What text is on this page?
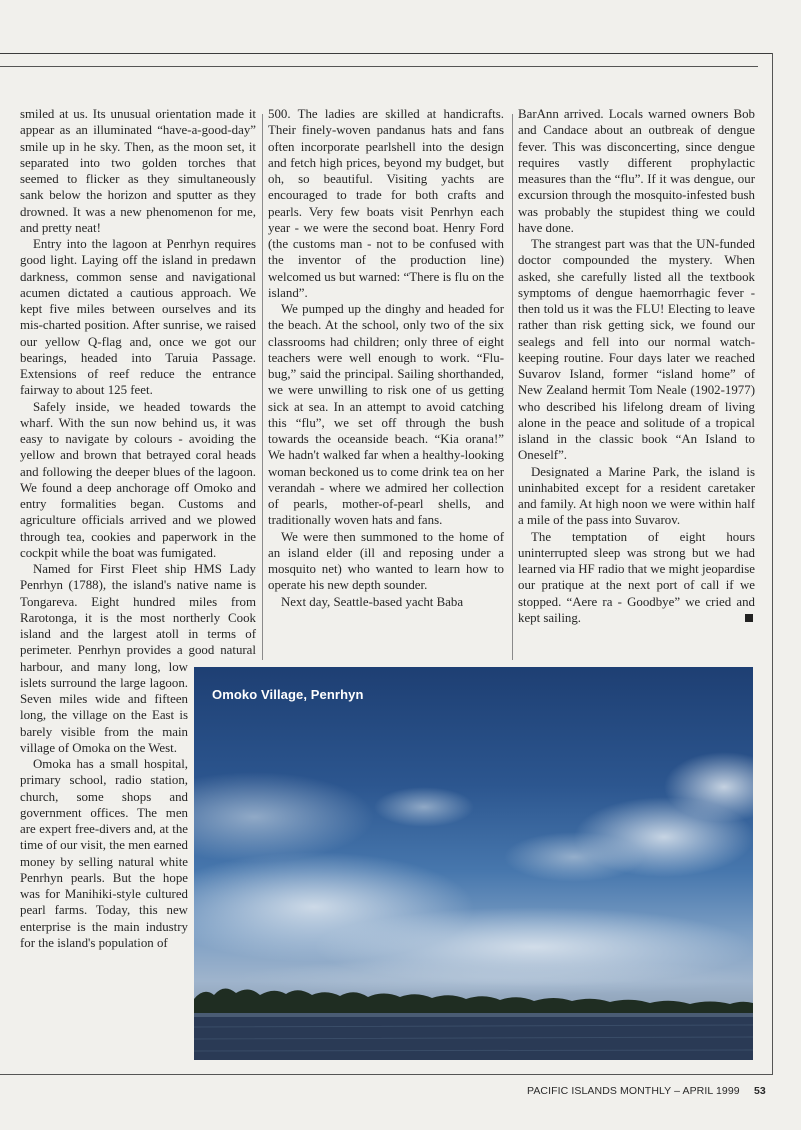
smiled at us. Its unusual orientation made it appear as an illuminated “have-a-good-day” smile up in he sky. Then, as the moon set, it separated into two golden torches that seemed to flicker as they simultaneously sank below the horizon and sputter as they drowned. It was a new phenomenon for me, and pretty neat!

Entry into the lagoon at Penrhyn requires good light. Laying off the island in predawn darkness, common sense and navigational acumen dictated a cautious approach. We kept five miles between ourselves and its mis-charted position. After sunrise, we raised our yellow Q-flag and, once we got our bearings, headed into Taruia Passage. Extensions of reef reduce the entrance fairway to about 125 feet.

Safely inside, we headed towards the wharf. With the sun now behind us, it was easy to navigate by colours - avoiding the yellow and brown that betrayed coral heads and following the deeper blues of the lagoon. We found a deep anchorage off Omoko and entry formalities began. Customs and agriculture officials arrived and we plowed through tea, cookies and paperwork in the cockpit while the boat was fumigated.

Named for First Fleet ship HMS Lady Penrhyn (1788), the island's native name is Tongareva. Eight hundred miles from Rarotonga, it is the most northerly Cook island and the largest atoll in terms of perimeter. Penrhyn provides a good natural harbour, and many long, low islets surround the large lagoon. Seven miles wide and fifteen long, the village on the East is barely visible from the main village of Omoka on the West.

Omoka has a small hospital, primary school, radio station, church, some shops and government offices. The men are expert free-divers and, at the time of our visit, the men earned money by selling natural white Penrhyn pearls. But the hope was for Manihiki-style cultured pearl farms. Today, this new enterprise is the main industry for the island's population of

500. The ladies are skilled at handicrafts. Their finely-woven pandanus hats and fans often incorporate pearlshell into the design and fetch high prices, beyond my budget, but oh, so beautiful. Visiting yachts are encouraged to trade for both crafts and pearls. Very few boats visit Penrhyn each year - we were the second boat. Henry Ford (the customs man - not to be confused with the inventor of the production line) welcomed us but warned: “There is flu on the island”.

We pumped up the dinghy and headed for the beach. At the school, only two of the six classrooms had children; only three of eight teachers were well enough to work. “Flu-bug,” said the principal. Sailing shorthanded, we were unwilling to risk one of us getting sick at sea. In an attempt to avoid catching this “flu”, we set off through the bush towards the oceanside beach. “Kia orana!” We hadn't walked far when a healthy-looking woman beckoned us to come drink tea on her verandah - where we admired her collection of pearls, mother-of-pearl shells, and traditionally woven hats and fans.

We were then summoned to the home of an island elder (ill and reposing under a mosquito net) who wanted to learn how to operate his new depth sounder.

Next day, Seattle-based yacht Baba

BarAnn arrived. Locals warned owners Bob and Candace about an outbreak of dengue fever. This was disconcerting, since dengue requires vastly different prophylactic measures than the “flu”. If it was dengue, our excursion through the mosquito-infested bush was probably the stupidest thing we could have done.

The strangest part was that the UN-funded doctor compounded the mystery. When asked, she carefully listed all the textbook symptoms of dengue haemorrhagic fever - then told us it was the FLU! Electing to leave rather than risk getting sick, we found our sealegs and fell into our normal watch-keeping routine. Four days later we reached Suvarov Island, former “island home” of New Zealand hermit Tom Neale (1902-1977) who described his lifelong dream of living alone in the peace and solitude of a tropical island in the classic book “An Island to Oneself”.

Designated a Marine Park, the island is uninhabited except for a resident caretaker and family. At high noon we were within half a mile of the pass into Suvarov.

The temptation of eight hours uninterrupted sleep was strong but we had learned via HF radio that we might jeopardise our pratique at the next port of call if we stopped. “Aere ra - Goodbye” we cried and kept sailing.

Omoko Village, Penrhyn
PACIFIC ISLANDS MONTHLY – APRIL 1999 53
